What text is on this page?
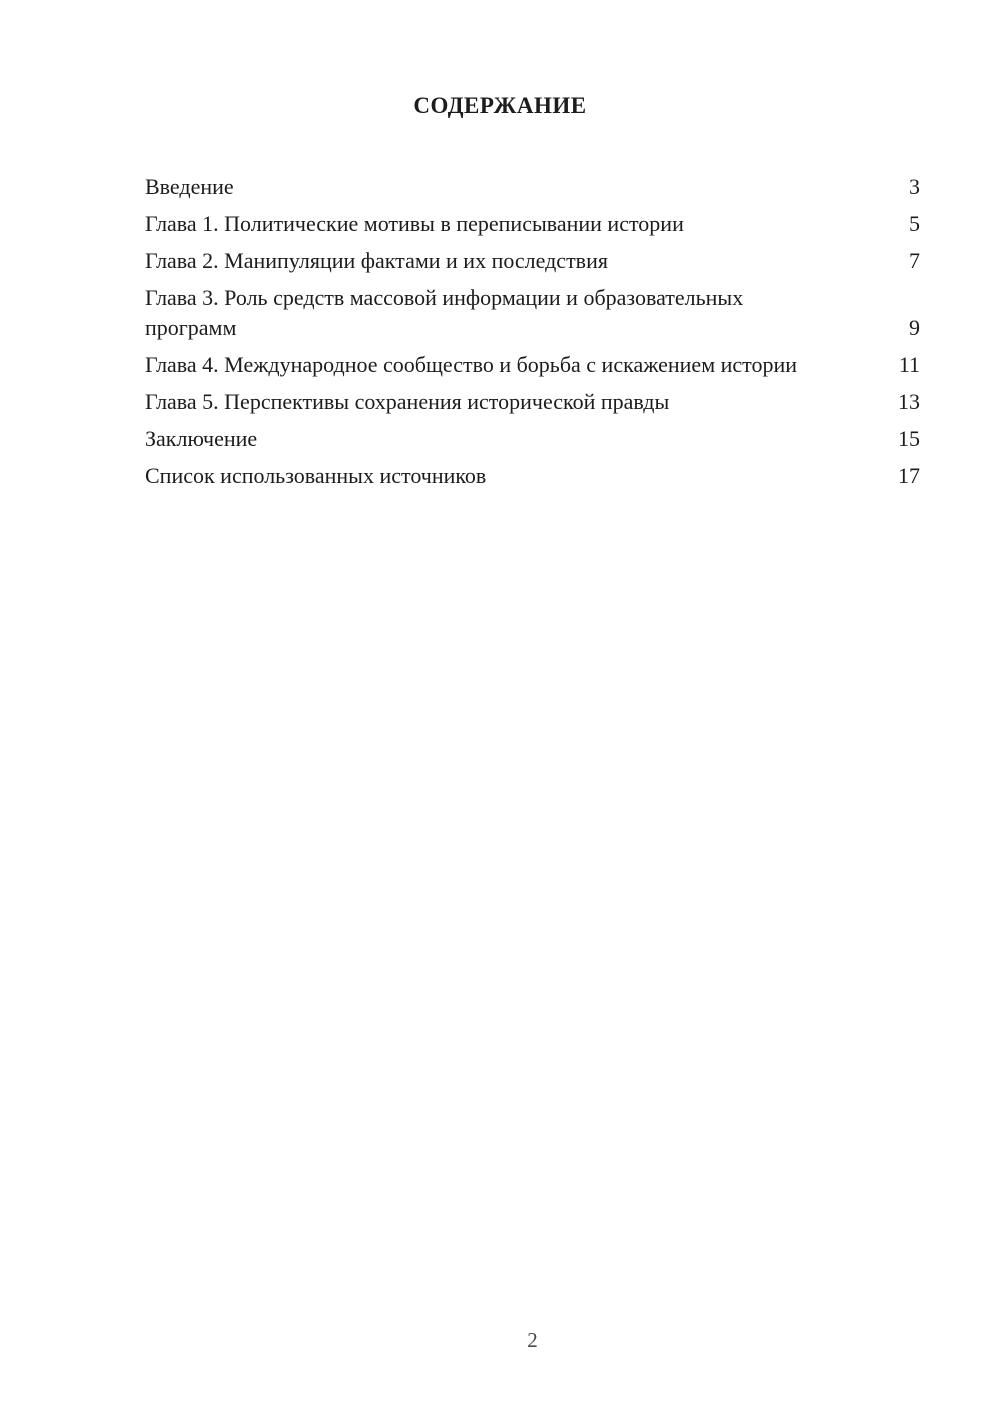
СОДЕРЖАНИЕ
Введение	3
Глава 1. Политические мотивы в переписывании истории	5
Глава 2. Манипуляции фактами и их последствия	7
Глава 3. Роль средств массовой информации и образовательных программ	9
Глава 4. Международное сообщество и борьба с искажением истории	11
Глава 5. Перспективы сохранения исторической правды	13
Заключение	15
Список использованных источников	17
2
